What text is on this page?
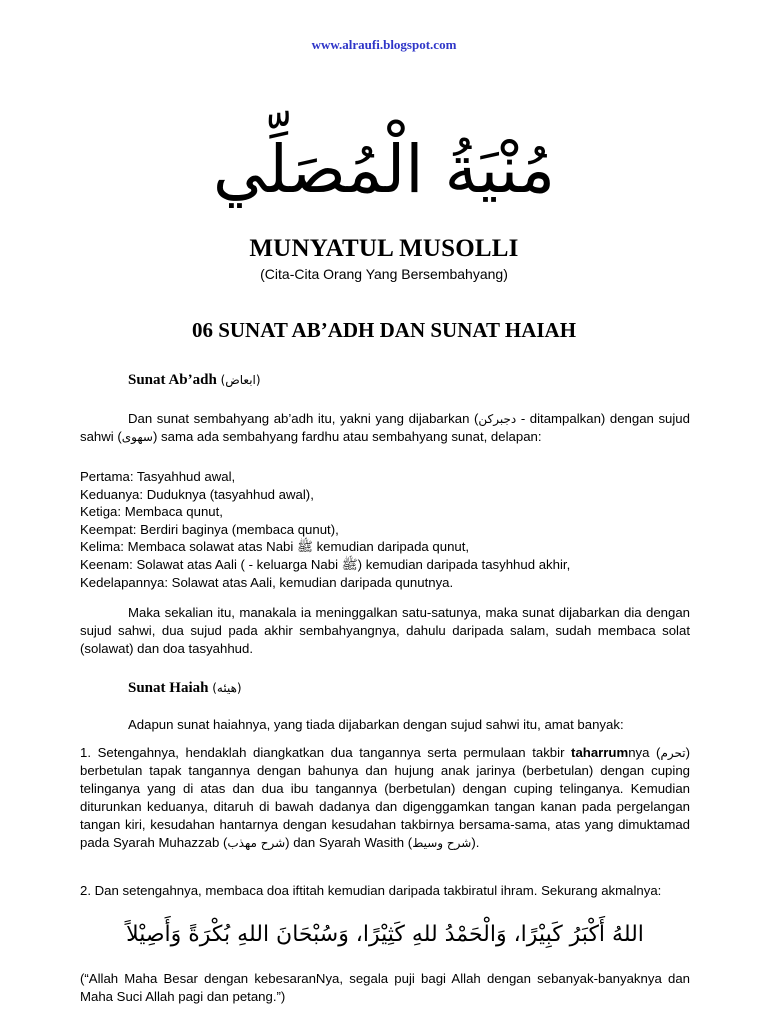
www.alraufi.blogspot.com
مُنْيَةُ الْمُصَلِّي
MUNYATUL MUSOLLI
(Cita-Cita Orang Yang Bersembahyang)
06 SUNAT AB’ADH DAN SUNAT HAIAH
Sunat Ab’adh (ابعاض)
Dan sunat sembahyang ab’adh itu, yakni yang dijabarkan (دجبركن - ditampalkan) dengan sujud sahwi (سهوى) sama ada sembahyang fardhu atau sembahyang sunat, delapan:
Pertama: Tasyahhud awal,
Keduanya: Duduknya (tasyahhud awal),
Ketiga: Membaca qunut,
Keempat: Berdiri baginya (membaca qunut),
Kelima: Membaca solawat atas Nabi ﷺ kemudian daripada qunut,
Keenam: Solawat atas Aali ( - keluarga Nabi ﷺ) kemudian daripada tasyhhud akhir,
Kedelapannya: Solawat atas Aali, kemudian daripada qunutnya.
Maka sekalian itu, manakala ia meninggalkan satu-satunya, maka sunat dijabarkan dia dengan sujud sahwi, dua sujud pada akhir sembahyangnya, dahulu daripada salam, sudah membaca solat (solawat) dan doa tasyahhud.
Sunat Haiah (هيئه)
Adapun sunat haiahnya, yang tiada dijabarkan dengan sujud sahwi itu, amat banyak:
1. Setengahnya, hendaklah diangkatkan dua tangannya serta permulaan takbir taharrumnya (تحرم) berbetulan tapak tangannya dengan bahunya dan hujung anak jarinya (berbetulan) dengan cuping telinganya yang di atas dan dua ibu tangannya (berbetulan) dengan cuping telinganya. Kemudian diturunkan keduanya, ditaruh di bawah dadanya dan digenggamkan tangan kanan pada pergelangan tangan kiri, kesudahan hantarnya dengan kesudahan takbirnya bersama-sama, atas yang dimuktamad pada Syarah Muhazzab (شرح مهذب) dan Syarah Wasith (شرح وسيط).
2. Dan setengahnya, membaca doa iftitah kemudian daripada takbiratul ihram. Sekurang akmalnya:
اللهُ أَكْبَرُ كَبِيْرًا، وَالْحَمْدُ للهِ كَثِيْرًا، وَسُبْحَانَ اللهِ بُكْرَةً وَأَصِيْلاً
(“Allah Maha Besar dengan kebesaranNya, segala puji bagi Allah dengan sebanyak-banyaknya dan Maha Suci Allah pagi dan petang.”)
